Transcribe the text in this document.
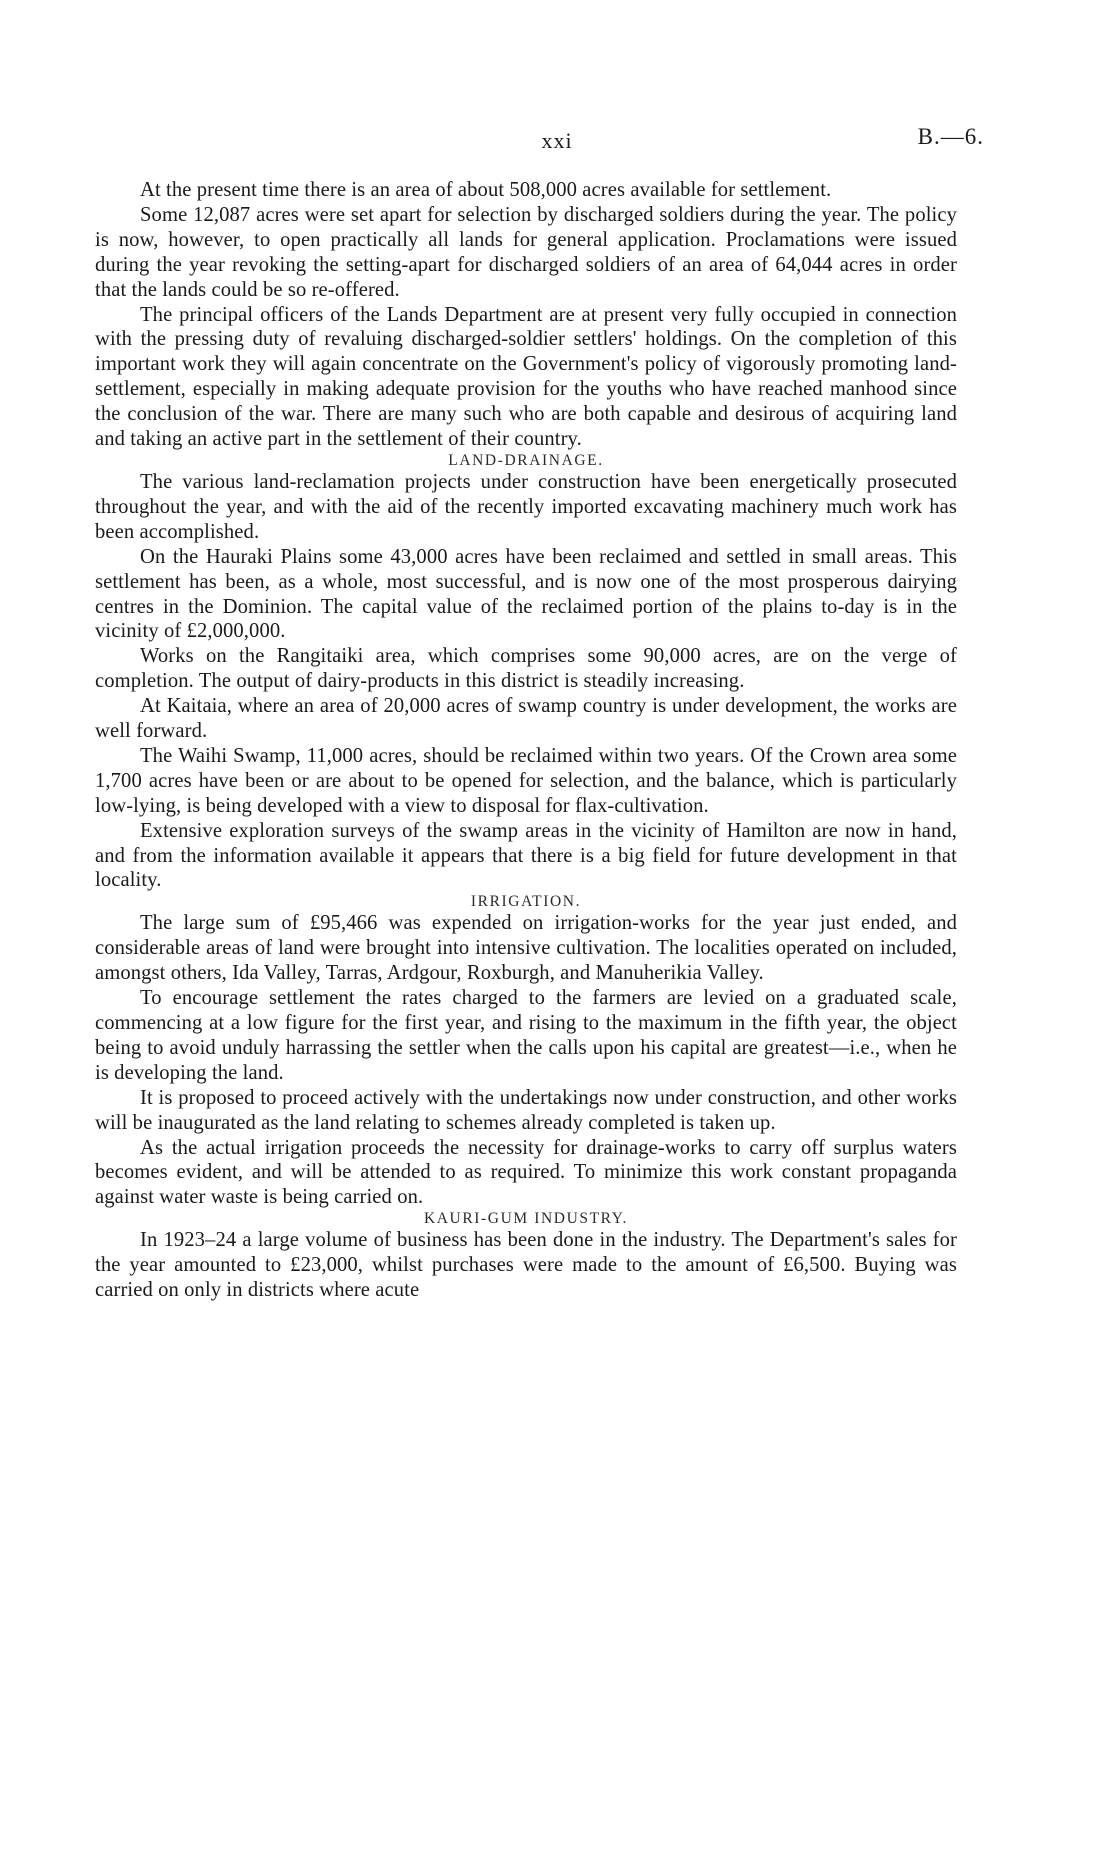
xxi	B.—6.

At the present time there is an area of about 508,000 acres available for settlement.

Some 12,087 acres were set apart for selection by discharged soldiers during the year. The policy is now, however, to open practically all lands for general application. Proclamations were issued during the year revoking the setting-apart for discharged soldiers of an area of 64,044 acres in order that the lands could be so re-offered.

The principal officers of the Lands Department are at present very fully occupied in connection with the pressing duty of revaluing discharged-soldier settlers' holdings. On the completion of this important work they will again concentrate on the Government's policy of vigorously promoting land-settlement, especially in making adequate provision for the youths who have reached manhood since the conclusion of the war. There are many such who are both capable and desirous of acquiring land and taking an active part in the settlement of their country.

LAND-DRAINAGE.

The various land-reclamation projects under construction have been energetically prosecuted throughout the year, and with the aid of the recently imported excavating machinery much work has been accomplished.

On the Hauraki Plains some 43,000 acres have been reclaimed and settled in small areas. This settlement has been, as a whole, most successful, and is now one of the most prosperous dairying centres in the Dominion. The capital value of the reclaimed portion of the plains to-day is in the vicinity of £2,000,000.

Works on the Rangitaiki area, which comprises some 90,000 acres, are on the verge of completion. The output of dairy-products in this district is steadily increasing.

At Kaitaia, where an area of 20,000 acres of swamp country is under development, the works are well forward.

The Waihi Swamp, 11,000 acres, should be reclaimed within two years. Of the Crown area some 1,700 acres have been or are about to be opened for selection, and the balance, which is particularly low-lying, is being developed with a view to disposal for flax-cultivation.

Extensive exploration surveys of the swamp areas in the vicinity of Hamilton are now in hand, and from the information available it appears that there is a big field for future development in that locality.

IRRIGATION.

The large sum of £95,466 was expended on irrigation-works for the year just ended, and considerable areas of land were brought into intensive cultivation. The localities operated on included, amongst others, Ida Valley, Tarras, Ardgour, Roxburgh, and Manuherikia Valley.

To encourage settlement the rates charged to the farmers are levied on a graduated scale, commencing at a low figure for the first year, and rising to the maximum in the fifth year, the object being to avoid unduly harrassing the settler when the calls upon his capital are greatest—i.e., when he is developing the land.

It is proposed to proceed actively with the undertakings now under construction, and other works will be inaugurated as the land relating to schemes already completed is taken up.

As the actual irrigation proceeds the necessity for drainage-works to carry off surplus waters becomes evident, and will be attended to as required. To minimize this work constant propaganda against water waste is being carried on.

KAURI-GUM INDUSTRY.

In 1923–24 a large volume of business has been done in the industry. The Department's sales for the year amounted to £23,000, whilst purchases were made to the amount of £6,500. Buying was carried on only in districts where acute
